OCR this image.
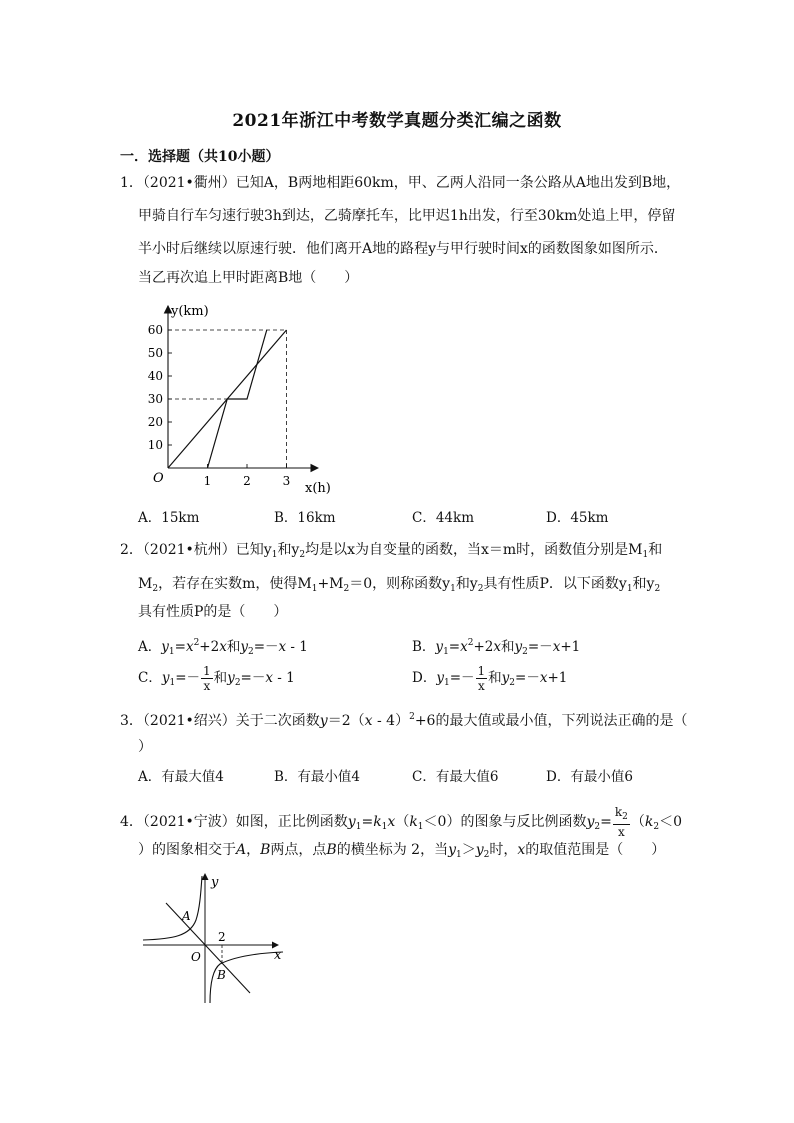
2021年浙江中考数学真题分类汇编之函数
一．选择题（共10小题）
1．（2021•衢州）已知A，B两地相距60km，甲、乙两人沿同一条公路从A地出发到B地，
甲骑自行车匀速行驶3h到达，乙骑摩托车，比甲迟1h出发，行至30km处追上甲，停留
半小时后继续以原速行驶．他们离开A地的路程y与甲行驶时间x的函数图象如图所示．
当乙再次追上甲时距离B地（　　）
60
50
40
30
20
10
1	2	3
y(km)
x(h)
O
A．15km	B．16km	C．44km	D．45km
2．（2021•杭州）已知$y_1$和$y_2$均是以x为自变量的函数，当x＝m时，函数值分别是$M_1$和
$M_2$，若存在实数m，使得$M_1+M_2=0$，则称函数$y_1$和$y_2$具有性质P．以下函数$y_1$和$y_2$
具有性质P的是（　　）
A．$y_1=x^2+2x$和$y_2=-x - 1$	B．$y_1=x^2+2x$和$y_2=-x+1$
C．$y_1=- \frac{1}{x}$ 和$y_2=-x - 1$	D．$y_1=- \frac{1}{x}$ 和$y_2=-x+1$
3．（2021•绍兴）关于二次函数y＝2（x - 4）$^2$+6的最大值或最小值，下列说法正确的是（
）
A．有最大值4	B．有最小值4	C．有最大值6	D．有最小值6
4．（2021•宁波）如图，正比例函数$y_1=k_1x(k_1<0)$的图象与反比例函数$y_2= \frac{k_2}{x} (k_2<0$
）的图象相交于A，B两点，点B的横坐标为 2，当$y_1>y_2$时，x的取值范围是（　　）
y
x
O
A
B
2
